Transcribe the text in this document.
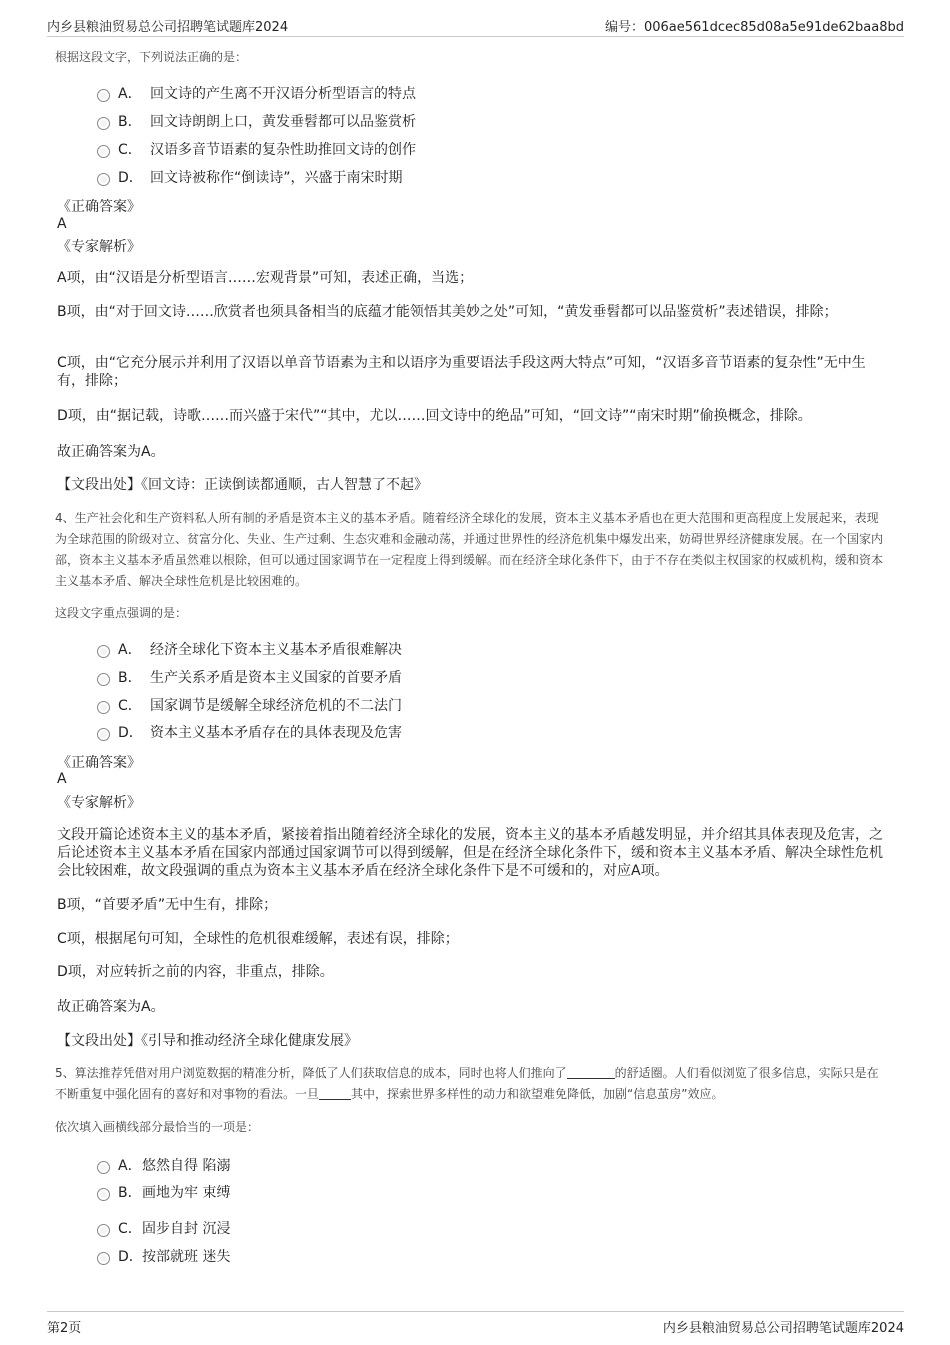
内乡县粮油贸易总公司招聘笔试题库2024	编号：006ae561dcec85d08a5e91de62baa8bd
根据这段文字，下列说法正确的是：
A． 回文诗的产生离不开汉语分析型语言的特点
B． 回文诗朗朗上口，黄发垂髫都可以品鉴赏析
C． 汉语多音节语素的复杂性助推回文诗的创作
D． 回文诗被称作“倒读诗”，兴盛于南宋时期
《正确答案》
A
《专家解析》
A项，由“汉语是分析型语言……宏观背景”可知，表述正确，当选；
B项，由“对于回文诗……欣赏者也须具备相当的底蕴才能领悟其美妙之处”可知，“黄发垂髫都可以品鉴赏析”表述错误，排除；
C项，由“它充分展示并利用了汉语以单音节语素为主和以语序为重要语法手段这两大特点”可知，“汉语多音节语素的复杂性”无中生有，排除；
D项，由“据记载，诗歌……而兴盛于宋代”“其中，尤以……回文诗中的绝品”可知，“回文诗”“南宋时期”偷换概念，排除。
故正确答案为A。
【文段出处】《回文诗：正读倒读都通顺，古人智慧了不起》
4、生产社会化和生产资料私人所有制的矛盾是资本主义的基本矛盾。随着经济全球化的发展，资本主义基本矛盾也在更大范围和更高程度上发展起来，表现为全球范围的阶级对立、贫富分化、失业、生产过剩、生态灾难和金融动荡，并通过世界性的经济危机集中爆发出来，妨碍世界经济健康发展。在一个国家内部，资本主义基本矛盾虽然难以根除，但可以通过国家调节在一定程度上得到缓解。而在经济全球化条件下，由于不存在类似主权国家的权威机构，缓和资本主义基本矛盾、解决全球性危机是比较困难的。
这段文字重点强调的是：
A． 经济全球化下资本主义基本矛盾很难解决
B． 生产关系矛盾是资本主义国家的首要矛盾
C． 国家调节是缓解全球经济危机的不二法门
D． 资本主义基本矛盾存在的具体表现及危害
《正确答案》
A
《专家解析》
文段开篇论述资本主义的基本矛盾，紧接着指出随着经济全球化的发展，资本主义的基本矛盾越发明显，并介绍其具体表现及危害，之后论述资本主义基本矛盾在国家内部通过国家调节可以得到缓解，但是在经济全球化条件下，缓和资本主义基本矛盾、解决全球性危机会比较困难，故文段强调的重点为资本主义基本矛盾在经济全球化条件下是不可缓和的，对应A项。
B项，“首要矛盾”无中生有，排除；
C项，根据尾句可知，全球性的危机很难缓解，表述有误，排除；
D项，对应转折之前的内容，非重点，排除。
故正确答案为A。
【文段出处】《引导和推动经济全球化健康发展》
5、算法推荐凭借对用户浏览数据的精准分析，降低了人们获取信息的成本，同时也将人们推向了	的舒适圈。人们看似浏览了很多信息，实际只是在不断重复中强化固有的喜好和对事物的看法。一旦	其中，探索世界多样性的动力和欲望难免降低，加剧“信息茧房”效应。
依次填入画横线部分最恰当的一项是：
A．悠然自得 陷溺
B．画地为牢 束缚
C．固步自封 沉浸
D．按部就班 迷失
第2页	内乡县粮油贸易总公司招聘笔试题库2024
